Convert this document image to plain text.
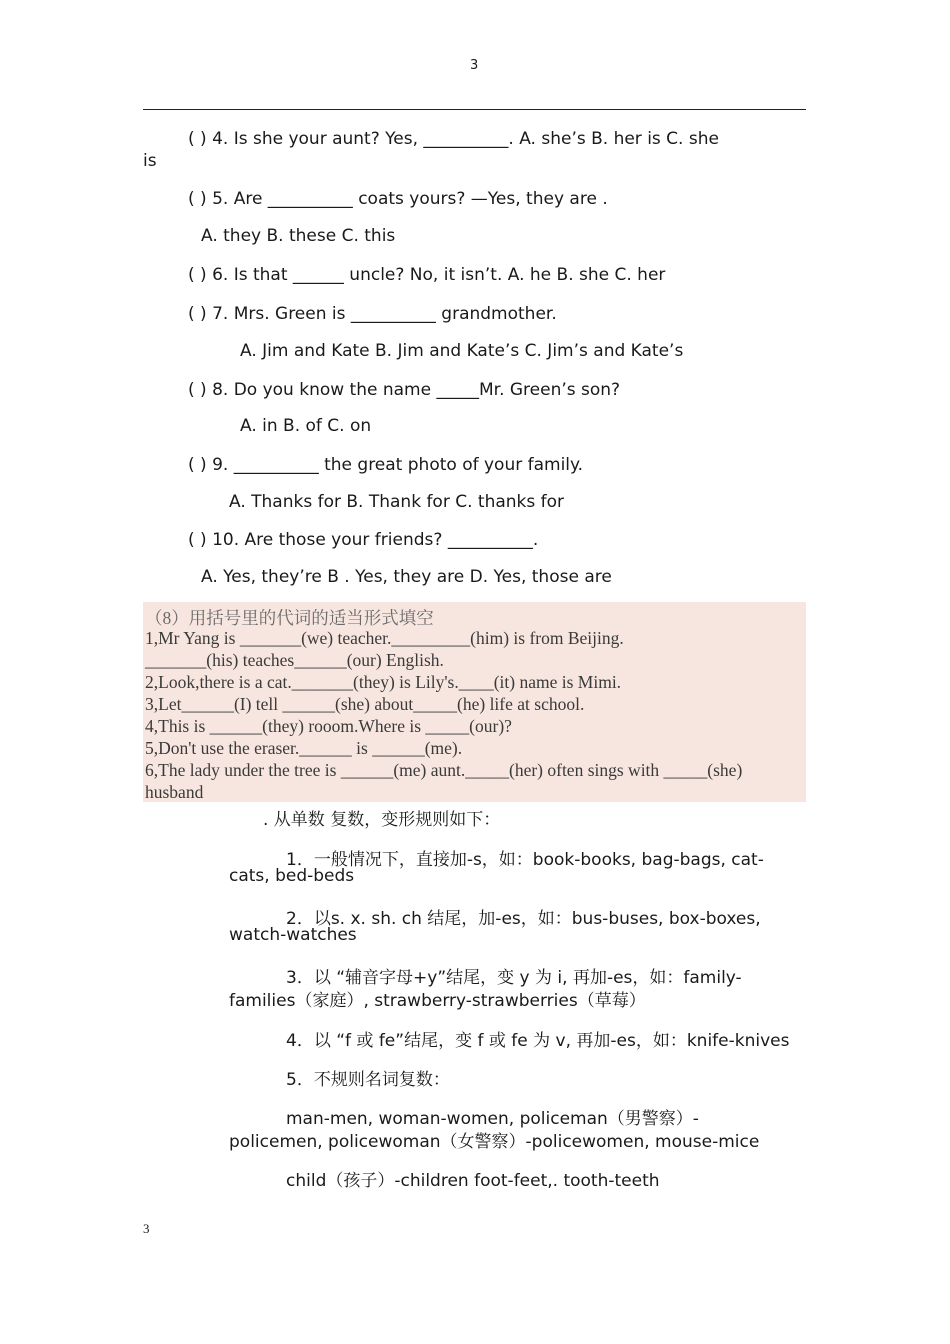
3
( ) 4. Is she your aunt? Yes, __________. A. she’s B. her is C. she
is
( ) 5. Are __________ coats yours? —Yes, they are .
A. they B. these C. this
( ) 6. Is that ______ uncle? No, it isn’t. A. he B. she C. her
( ) 7. Mrs. Green is __________ grandmother.
A. Jim and Kate B. Jim and Kate’s C. Jim’s and Kate’s
( ) 8. Do you know the name _____Mr. Green’s son?
A. in B. of C. on
( ) 9. __________ the great photo of your family.
A. Thanks for B. Thank for C. thanks for
( ) 10. Are those your friends? __________.
A. Yes, they’re B . Yes, they are D. Yes, those are
（8）用括号里的代词的适当形式填空
1,Mr Yang is _______(we) teacher._________(him) is from Beijing.
_______(his) teaches______(our) English.
2,Look,there is a cat._______(they) is Lily's.____(it) name is Mimi.
3,Let______(I) tell ______(she) about_____(he) life at school.
4,This is ______(they) rooom.Where is _____(our)?
5,Don't use the eraser.______ is ______(me).
6,The lady under the tree is ______(me) aunt._____(her) often sings with _____(she)
husband
. 从单数 复数，变形规则如下：
1．一般情况下，直接加-s，如：book-books, bag-bags, cat-
cats, bed-beds
2．以s. x. sh. ch 结尾，加-es，如：bus-buses, box-boxes,
watch-watches
3．以 “辅音字母+y”结尾，变 y 为 i, 再加-es，如：family-
families（家庭）, strawberry-strawberries（草莓）
4．以 “f 或 fe”结尾，变 f 或 fe 为 v, 再加-es，如：knife-knives
5．不规则名词复数：
man-men, woman-women, policeman（男警察）-
policemen, policewoman（女警察）-policewomen, mouse-mice
child（孩子）-children foot-feet,. tooth-teeth
3
